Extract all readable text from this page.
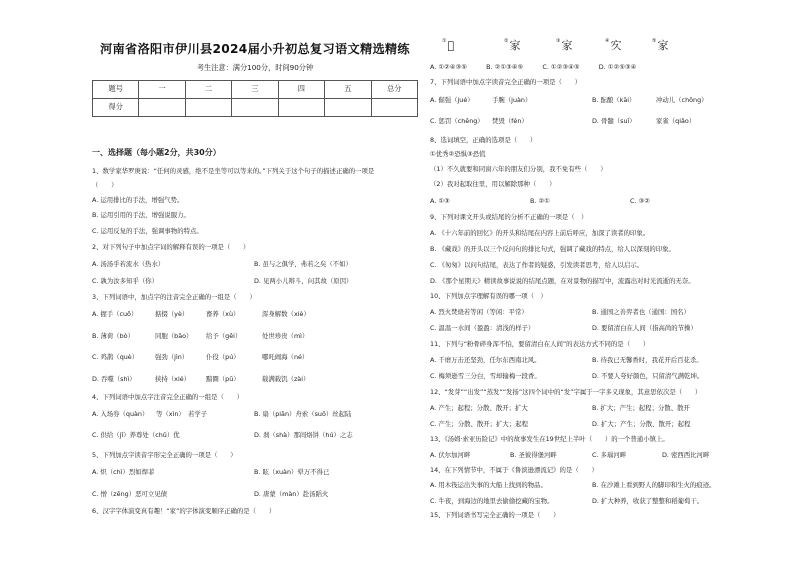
河南省洛阳市伊川县2024届小升初总复习语文精选精练
考生注意：满分100分，时间90分钟
题号	一	二	三	四	五	总分
得分						
一、选择题（每小题2分，共30分）
1、数学家华罗庚说：“任何的灵感，绝不是坐等可以等来的。”下列关于这个句子的描述正确的一项是
（　　）
A. 运用排比的手法，增强气势。
B. 运用引用的手法，增强说服力。
C. 运用反复的手法，强调事物的特点。
2、对下列句子中加点字词的解释有误的一项是（　　）
A. 汤汤乎若流水（热水）	B. 虽与之俱学，弗若之矣（不如）
C. 孰为汝多知乎（你）	D. 见两小儿辩斗，问其故（原因）
3、下列词语中，加点字的注音完全正确的一组是（　　）
A. 握手（cuō）	掂掇（yè）	畜养（xù）	浑身解数（xiè）
B. 薄荷（bò）	同胞（bāo） 给予（gěi）	处世珍贵（mì）
C. 鸡鹊（què）	强劲（jìn）	仆役（pú）	哪吒闹海（né）
D. 吞噬（shì）	挟持（xié） 黯圈（pū）	载满载饥（zài）
4、下列词语中加点字注音完全正确的一组是（　　）
A. 入场券（quàn） 等（xìn） 若学子	B. 扇（piān）舟索（suǒ）丝起陆
C. 供给（jǐ）养尊处（chǔ）优	D. 刹（shà）那间烙饼（hú）之志
5、下列加点字读音字形完全正确的一项是（　　）
A. 炽（chì）烈如焊菲	B. 眩（xuàn）晕万不得已
C. 憎（zēng）恶可立见债	D. 唐蒙（màn）赴汤蹈火
6、汉字字体演变真有趣！“家”的字体演变顺序正确的是（　　）
①𠆧	②家	③家	④㝌	⑤家
A. ①②④③⑤　　　B. ②①③④⑤　　　C. ①②③④⑤　　　D. ①②⑤③④
7、下列词语中加点字读音完全正确的一项是（　　）
A. 倔强（jué）	手腕（juàn）	B. 酝酿（kāi）	冲动儿（chōng）
C. 惩罚（chěng） 焚毁（fén）	D. 骨髓（suǐ）	家雀（qiǎo）
8、选词填空，正确的选项是（　　）
①优秀②恐惧③恐慌
（1）不久就要和同窗六年的朋友们分别，我不免有些（　　）
（2）我对起取往里，用以解除那种（　　）
A. ①③	B. ②①	C. ③②
9、下列对课文开头或结尾的分析不正确的一项是（　）
A. 《十六年前的回忆》的开头和结尾在内容上前后呼应，加深了读者的印象。
B. 《藏戏》的开头以三个反问句的排比句式，强调了藏戏的特点，给人以深刻的印象。
C. 《匆匆》以问句结尾，表达了作者的疑惑，引发读者思考，给人以启示。
D. 《那个星期天》精读故事说说的结尾点题，在对景物的描写中，流露出对时光流逝的无奈。
10、下列加点字理解有误的哪一项（　）
A. 烈火焚烧若等闲（等闲：平常）	B. 通国之善弈者也（通国：国名）
C. 温温一水间（盈盈：清浅的样子）	D. 要留清白在人间（指高尚的节操）
11、下列与“粉骨碎身浑不怕，要留清白在人间”的表达方式不同的是（　　）
A. 千磨万击还坚劲，任尔东西南北风。	B. 待我已无馨香时，我花开后百花杀。
C. 梅须逊雪三分白，雪却输梅一段香。	D. 不要人夸好颜色，只留清气满乾坤。
12、“发芽”“出发”“蒸发”“发扬”这四个词中的“发”字属于一字多义现象，其意思依次是（　　）
A. 产生；起程；分散、散开；扩大	B. 扩大；产生；起程；分散、散开
C. 产生；分散、散开；扩大；起程	D. 扩大；产生；分散、散开；起程
13、《汤姆·索亚历险记》中的故事发生在19世纪上半叶（　　）的一个普通小镇上。
A. 伏尔加河畔	B. 圣彼得堡河畔	C. 多瑙河畔	D. 密西西比河畔
14、在下列情节中，不属于《鲁滨逊漂流记》的是（　　）
A. 用木筏运出失事的大船上找到的物品。	B. 在沙滩上看到野人的脚印和生火的痕迹。
C. 牛夜，到海边的地里去偷偷挖藏的宝物。	D. 扩大种养，收获了整整和稻葡萄干。
15、下列词语书写完全正确的一项是（　　）
